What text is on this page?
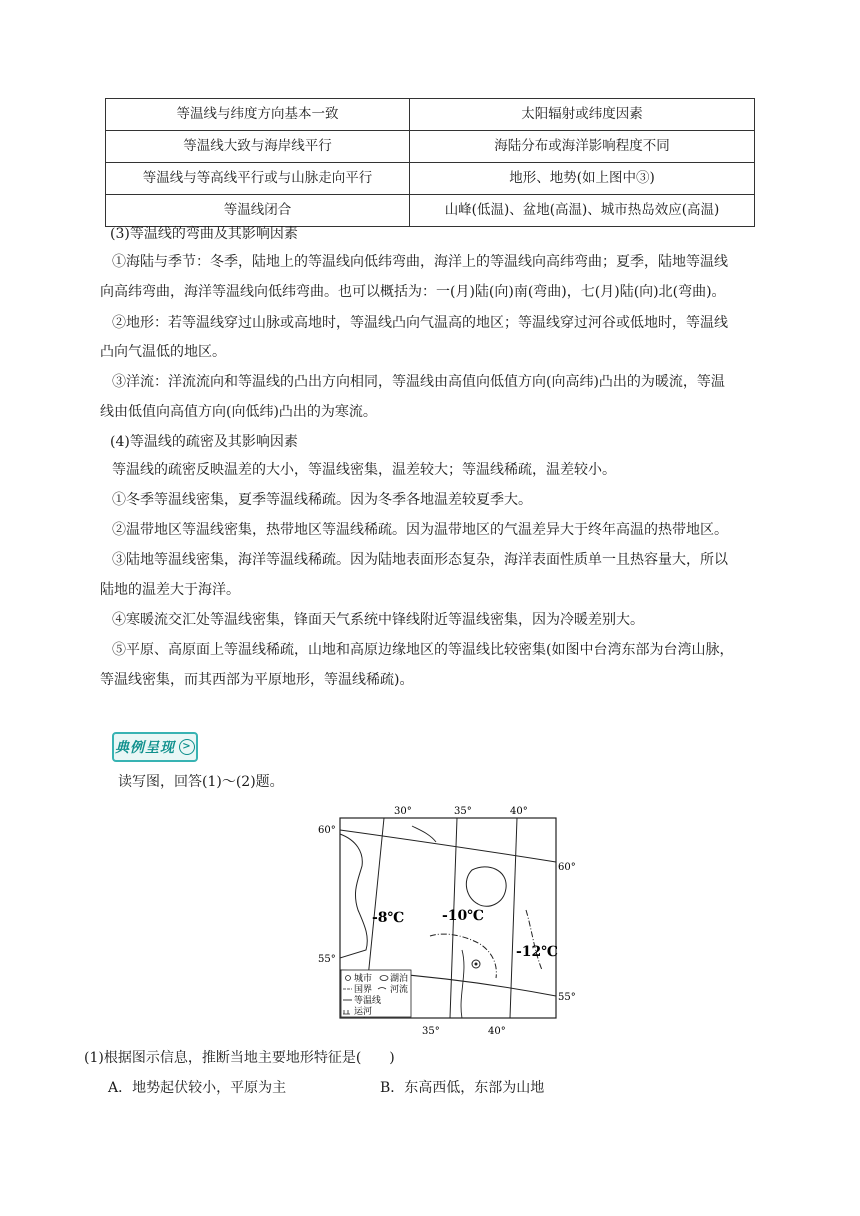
等温线与纬度方向基本一致	太阳辐射或纬度因素
等温线大致与海岸线平行	海陆分布或海洋影响程度不同
等温线与等高线平行或与山脉走向平行	地形、地势(如上图中③)
等温线闭合	山峰(低温)、盆地(高温)、城市热岛效应(高温)
(3)等温线的弯曲及其影响因素
①海陆与季节：冬季，陆地上的等温线向低纬弯曲，海洋上的等温线向高纬弯曲；夏季，陆地等温线
向高纬弯曲，海洋等温线向低纬弯曲。也可以概括为：一(月)陆(向)南(弯曲)，七(月)陆(向)北(弯曲)。
②地形：若等温线穿过山脉或高地时，等温线凸向气温高的地区；等温线穿过河谷或低地时，等温线
凸向气温低的地区。
③洋流：洋流流向和等温线的凸出方向相同，等温线由高值向低值方向(向高纬)凸出的为暖流，等温
线由低值向高值方向(向低纬)凸出的为寒流。
(4)等温线的疏密及其影响因素
等温线的疏密反映温差的大小，等温线密集，温差较大；等温线稀疏，温差较小。
①冬季等温线密集，夏季等温线稀疏。因为冬季各地温差较夏季大。
②温带地区等温线密集，热带地区等温线稀疏。因为温带地区的气温差异大于终年高温的热带地区。
③陆地等温线密集，海洋等温线稀疏。因为陆地表面形态复杂，海洋表面性质单一且热容量大，所以
陆地的温差大于海洋。
④寒暖流交汇处等温线密集，锋面天气系统中锋线附近等温线密集，因为冷暖差别大。
⑤平原、高原面上等温线稀疏，山地和高原边缘地区的等温线比较密集(如图中台湾东部为台湾山脉，
等温线密集，而其西部为平原地形，等温线稀疏)。
典例呈现 >
读写图，回答(1)～(2)题。
30°	35°	40°
35°	40°
60°
60°
55°
55°
-8℃	-10℃
-12℃
城市 湖泊
国界 河流
等温线
运河
(1)根据图示信息，推断当地主要地形特征是(　　)
A．地势起伏较小，平原为主	B．东高西低，东部为山地
